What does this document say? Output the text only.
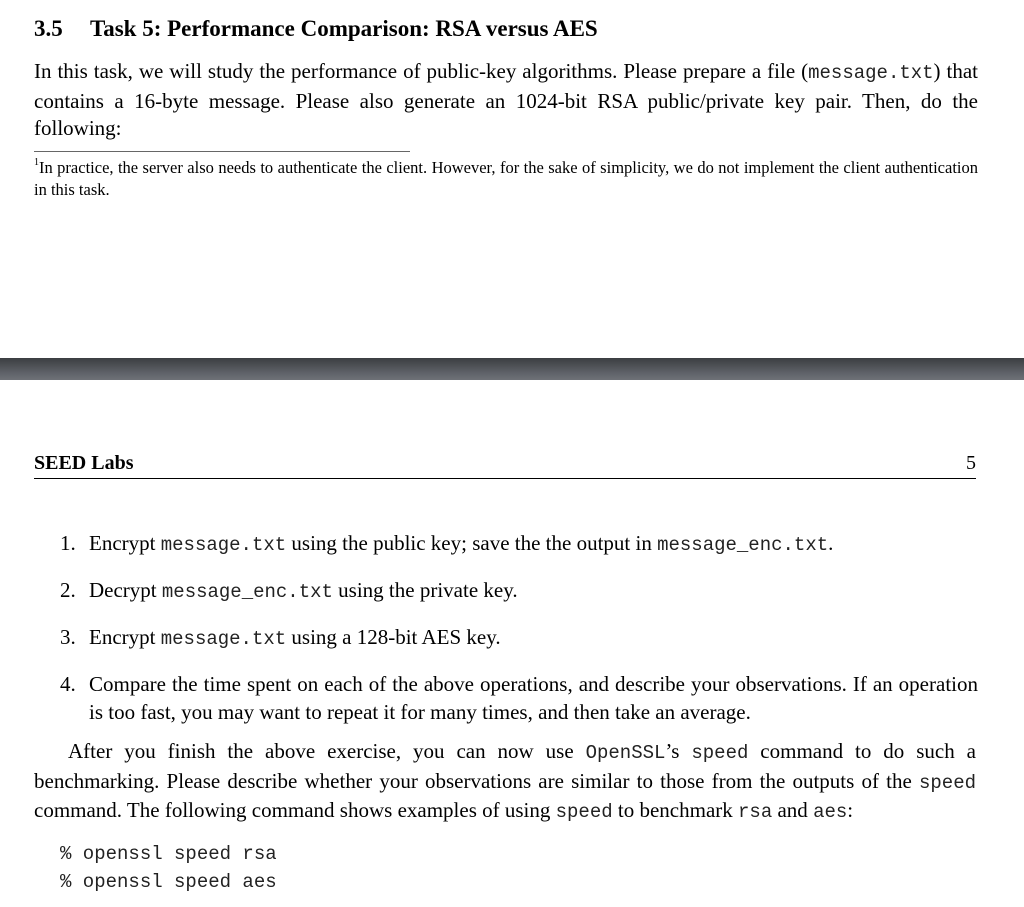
3.5 Task 5: Performance Comparison: RSA versus AES
In this task, we will study the performance of public-key algorithms. Please prepare a file (message.txt) that contains a 16-byte message. Please also generate an 1024-bit RSA public/private key pair. Then, do the following:
$^1$In practice, the server also needs to authenticate the client. However, for the sake of simplicity, we do not implement the client authentication in this task.
SEED Labs	5
1. Encrypt message.txt using the public key; save the the output in message_enc.txt.
2. Decrypt message_enc.txt using the private key.
3. Encrypt message.txt using a 128-bit AES key.
4. Compare the time spent on each of the above operations, and describe your observations. If an operation is too fast, you may want to repeat it for many times, and then take an average.
After you finish the above exercise, you can now use OpenSSL’s speed command to do such a benchmarking. Please describe whether your observations are similar to those from the outputs of the speed command. The following command shows examples of using speed to benchmark rsa and aes:
% openssl speed rsa
% openssl speed aes
